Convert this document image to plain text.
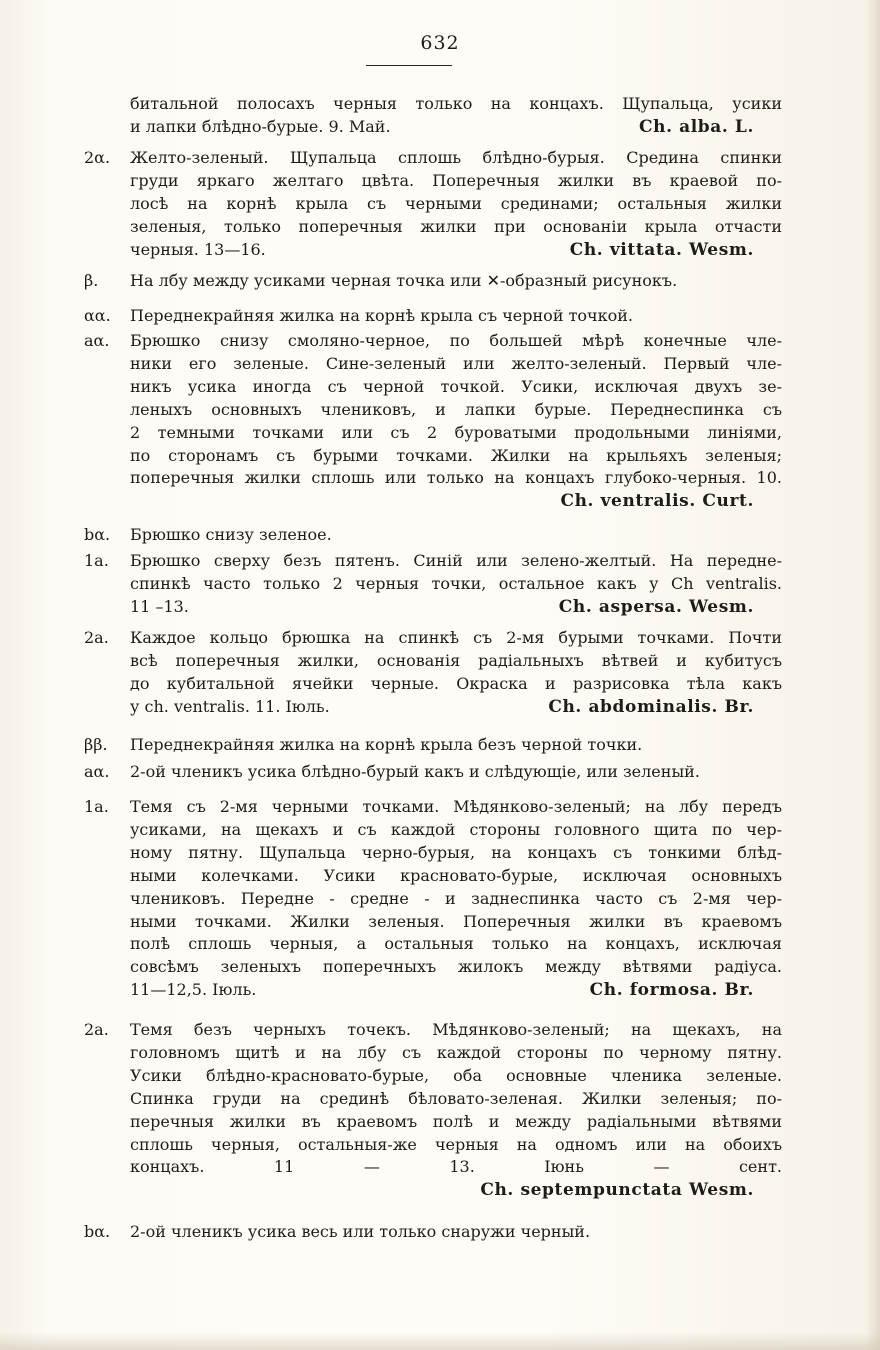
632

битальной полосахъ черныя только на концахъ. Щупальца, усики

и лапки блѣдно-бурые. 9. Май.	Ch. alba. L.

2α.	Желто-зеленый. Щупальца сплошь блѣдно-бурыя. Средина спинки

груди яркаго желтаго цвѣта. Поперечныя жилки въ краевой по-

лосѣ на корнѣ крыла съ черными срединами; остальныя жилки

зеленыя, только поперечныя жилки при основаніи крыла отчасти

черныя. 13—16.	Ch. vittata. Wesm.

β.	На лбу между усиками черная точка или ✕-образный рисунокъ.

αα.	Переднекрайняя жилка на корнѣ крыла съ черной точкой.

aα.	Брюшко снизу смоляно-черное, по большей мѣрѣ конечные чле-

ники его зеленые. Сине-зеленый или желто-зеленый. Первый чле-

никъ усика иногда съ черной точкой. Усики, исключая двухъ зе-

леныхъ основныхъ члениковъ, и лапки бурые. Переднеспинка съ

2 темными точками или съ 2 буроватыми продольными линіями,

по сторонамъ съ бурыми точками. Жилки на крыльяхъ зеленыя;

поперечныя жилки сплошь или только на концахъ глубоко-черныя. 10.

Ch. ventralis. Curt.

bα.	Брюшко снизу зеленое.

1a.	Брюшко сверху безъ пятенъ. Синій или зелено-желтый. На передне-

спинкѣ часто только 2 черныя точки, остальное какъ у Ch ventralis.

11 –13.	Ch. aspersa. Wesm.

2a.	Каждое кольцо брюшка на спинкѣ съ 2-мя бурыми точками. Почти

всѣ поперечныя жилки, основанія радіальныхъ вѣтвей и кубитусъ

до кубитальной ячейки черные. Окраска и разрисовка тѣла какъ

у ch. ventralis. 11. Іюль.	Ch. abdominalis. Br.

ββ.	Переднекрайняя жилка на корнѣ крыла безъ черной точки.

aα.	2-ой членикъ усика блѣдно-бурый какъ и слѣдующіе, или зеленый.

1a.	Темя съ 2-мя черными точками. Мѣдянково-зеленый; на лбу передъ

усиками, на щекахъ и съ каждой стороны головного щита по чер-

ному пятну. Щупальца черно-бурыя, на концахъ съ тонкими блѣд-

ными колечками. Усики красновато-бурые, исключая основныхъ

члениковъ. Передне - средне - и заднеспинка часто съ 2-мя чер-

ными точками. Жилки зеленыя. Поперечныя жилки въ краевомъ

полѣ сплошь черныя, а остальныя только на концахъ, исключая

совсѣмъ зеленыхъ поперечныхъ жилокъ между вѣтвями радіуса.

11—12,5. Іюль.	Ch. formosa. Br.

2a.	Темя безъ черныхъ точекъ. Мѣдянково-зеленый; на щекахъ, на

головномъ щитѣ и на лбу съ каждой стороны по черному пятну.

Усики блѣдно-красновато-бурые, оба основные членика зеленые.

Спинка груди на срединѣ бѣловато-зеленая. Жилки зеленыя; по-

перечныя жилки въ краевомъ полѣ и между радіальными вѣтвями

сплошь черныя, остальныя-же черныя на одномъ или на обоихъ

концахъ. 11 — 13. Іюнь — сент.

Ch. septempunctata Wesm.

bα.	2-ой членикъ усика весь или только снаружи черный.
